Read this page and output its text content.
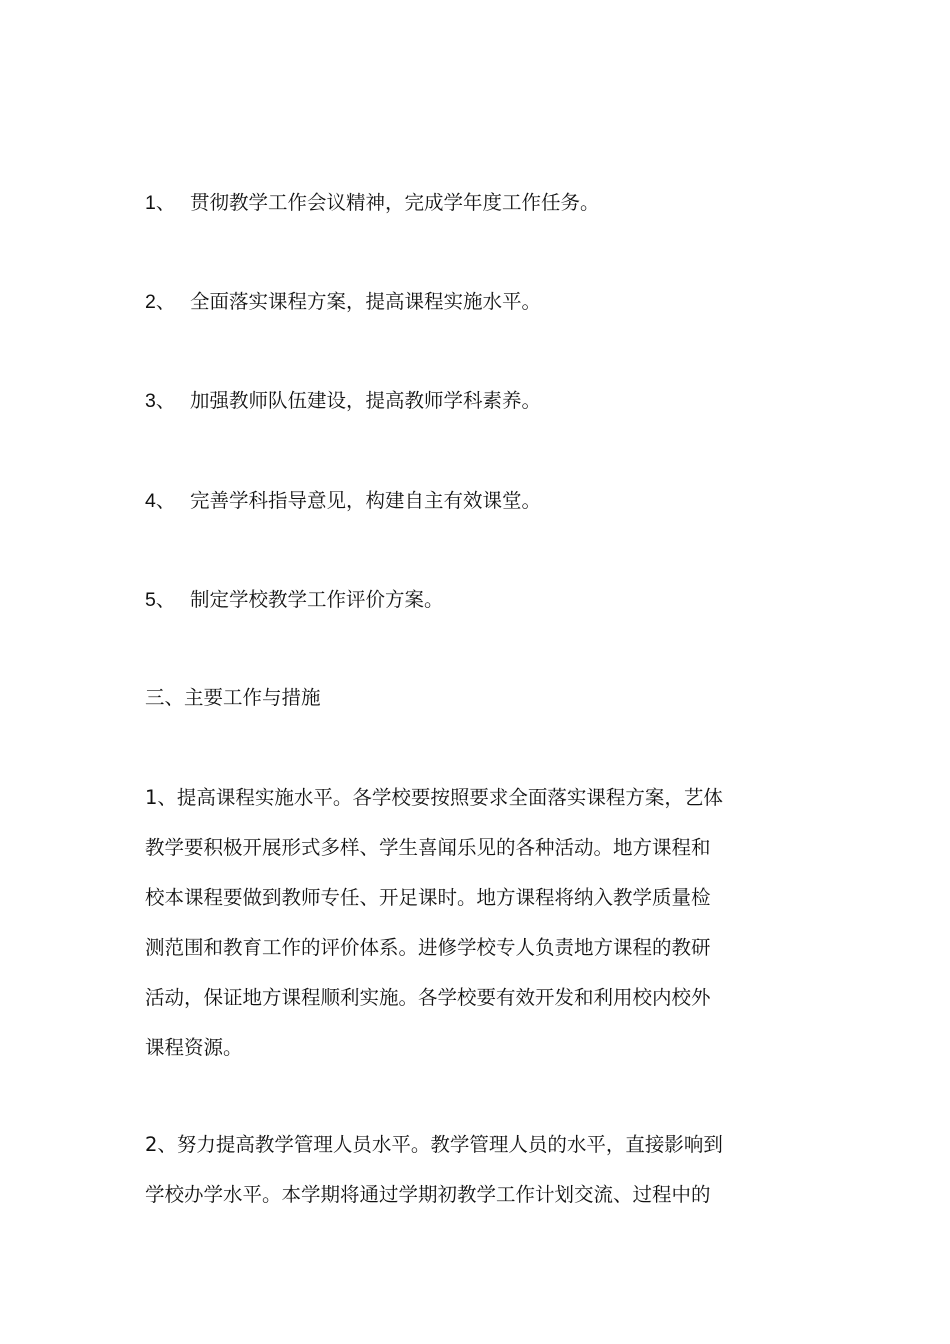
1、 贯彻教学工作会议精神，完成学年度工作任务。
2、 全面落实课程方案，提高课程实施水平。
3、 加强教师队伍建设，提高教师学科素养。
4、 完善学科指导意见，构建自主有效课堂。
5、 制定学校教学工作评价方案。
三、主要工作与措施
1、提高课程实施水平。各学校要按照要求全面落实课程方案，艺体
教学要积极开展形式多样、学生喜闻乐见的各种活动。地方课程和
校本课程要做到教师专任、开足课时。地方课程将纳入教学质量检
测范围和教育工作的评价体系。进修学校专人负责地方课程的教研
活动，保证地方课程顺利实施。各学校要有效开发和利用校内校外
课程资源。
2、努力提高教学管理人员水平。教学管理人员的水平，直接影响到
学校办学水平。本学期将通过学期初教学工作计划交流、过程中的
